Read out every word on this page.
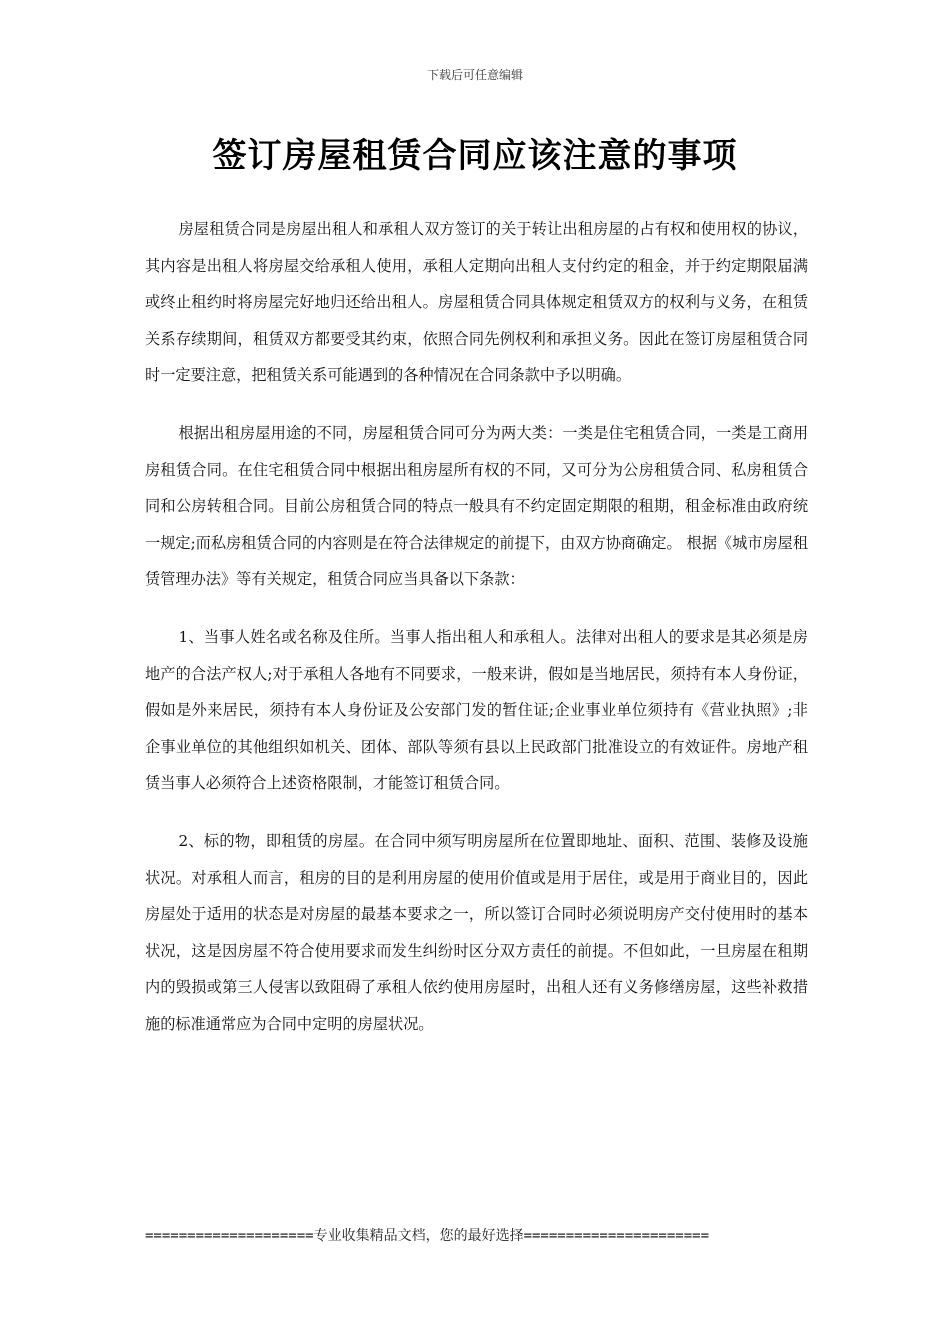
下载后可任意编辑
签订房屋租赁合同应该注意的事项

房屋租赁合同是房屋出租人和承租人双方签订的关于转让出租房屋的占有权和使用权的协议，其内容是出租人将房屋交给承租人使用，承租人定期向出租人支付约定的租金，并于约定期限届满或终止租约时将房屋完好地归还给出租人。房屋租赁合同具体规定租赁双方的权利与义务，在租赁关系存续期间，租赁双方都要受其约束，依照合同先例权利和承担义务。因此在签订房屋租赁合同时一定要注意，把租赁关系可能遇到的各种情况在合同条款中予以明确。

根据出租房屋用途的不同，房屋租赁合同可分为两大类：一类是住宅租赁合同，一类是工商用房租赁合同。在住宅租赁合同中根据出租房屋所有权的不同，又可分为公房租赁合同、私房租赁合同和公房转租合同。目前公房租赁合同的特点一般具有不约定固定期限的租期，租金标准由政府统一规定;而私房租赁合同的内容则是在符合法律规定的前提下，由双方协商确定。 根据《城市房屋租赁管理办法》等有关规定，租赁合同应当具备以下条款：

1、当事人姓名或名称及住所。当事人指出租人和承租人。法律对出租人的要求是其必须是房地产的合法产权人;对于承租人各地有不同要求，一般来讲，假如是当地居民，须持有本人身份证，假如是外来居民，须持有本人身份证及公安部门发的暂住证;企业事业单位须持有《营业执照》;非企事业单位的其他组织如机关、团体、部队等须有县以上民政部门批准设立的有效证件。房地产租赁当事人必须符合上述资格限制，才能签订租赁合同。

2、标的物，即租赁的房屋。在合同中须写明房屋所在位置即地址、面积、范围、装修及设施状况。对承租人而言，租房的目的是利用房屋的使用价值或是用于居住，或是用于商业目的，因此房屋处于适用的状态是对房屋的最基本要求之一，所以签订合同时必须说明房产交付使用时的基本状况，这是因房屋不符合使用要求而发生纠纷时区分双方责任的前提。不但如此，一旦房屋在租期内的毁损或第三人侵害以致阻碍了承租人依约使用房屋时，出租人还有义务修缮房屋，这些补救措施的标准通常应为合同中定明的房屋状况。

====================专业收集精品文档，您的最好选择======================
